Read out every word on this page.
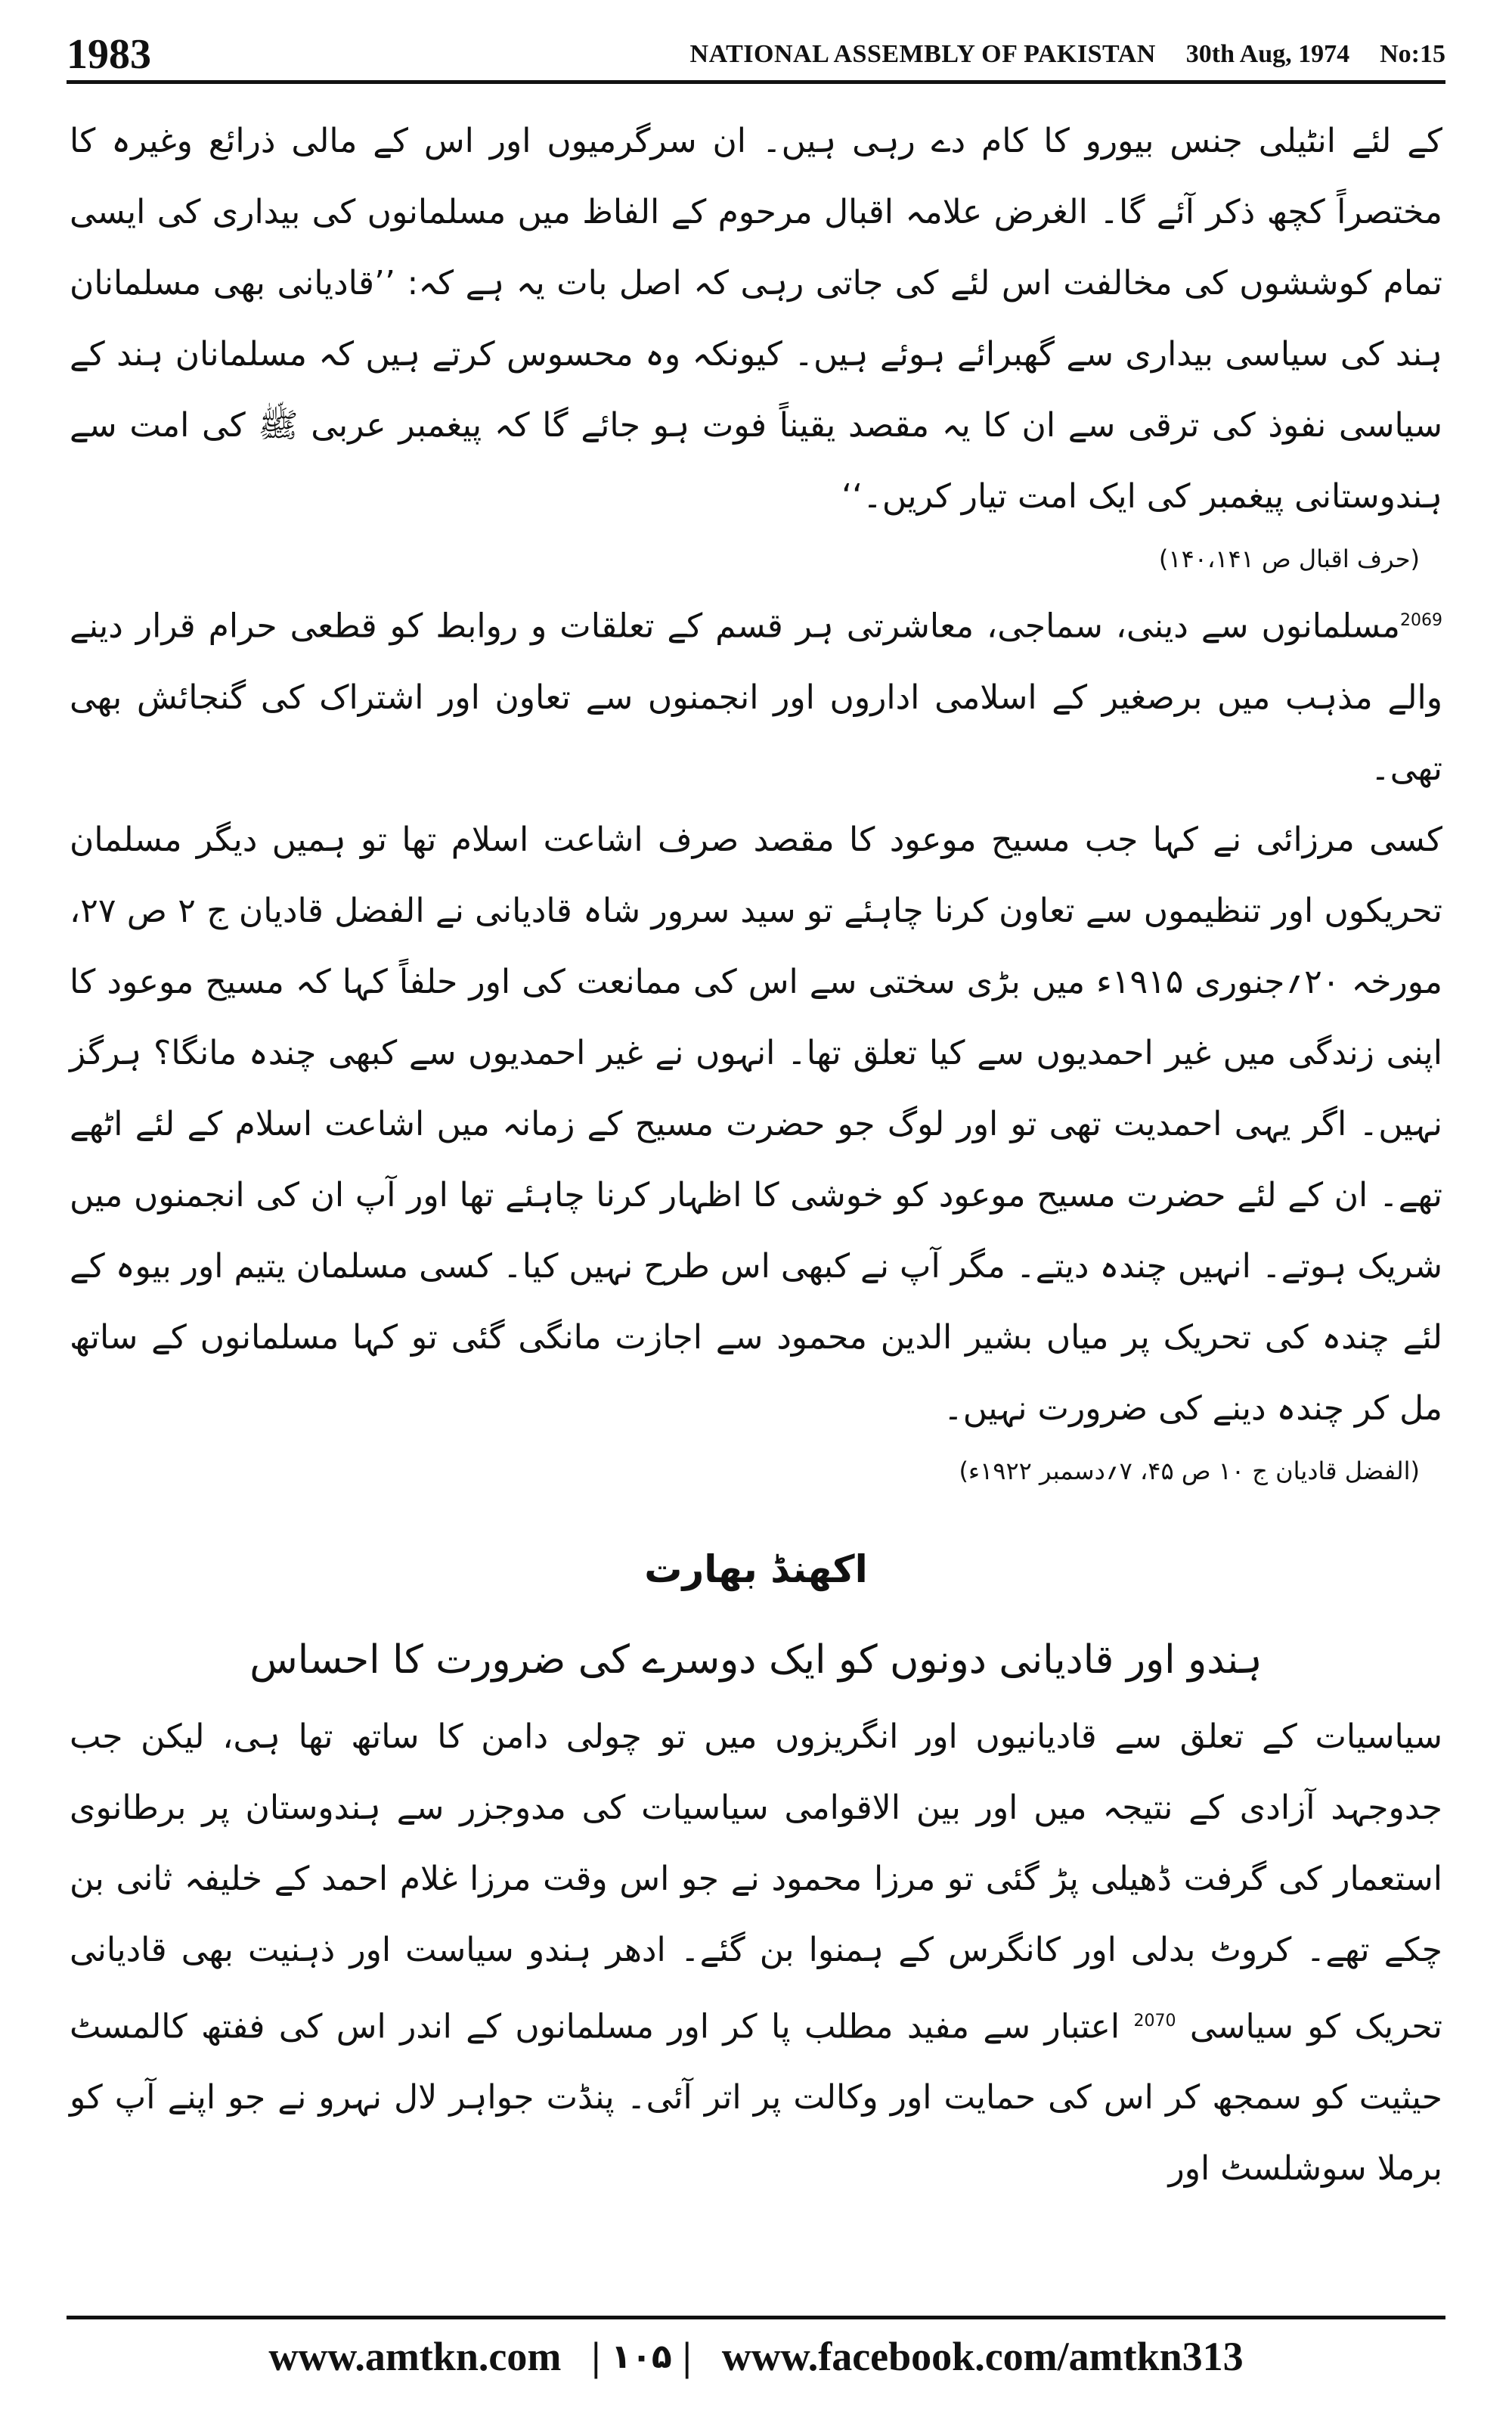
1983	NATIONAL ASSEMBLY OF PAKISTAN 30th Aug, 1974 No:15

کے لئے انٹیلی جنس بیورو کا کام دے رہی ہیں۔ ان سرگرمیوں اور اس کے مالی ذرائع وغیرہ کا مختصراً کچھ ذکر آئے گا۔ الغرض علامہ اقبال مرحوم کے الفاظ میں مسلمانوں کی بیداری کی ایسی تمام کوششوں کی مخالفت اس لئے کی جاتی رہی کہ اصل بات یہ ہے کہ: ’’قادیانی بھی مسلمانان ہند کی سیاسی بیداری سے گھبرائے ہوئے ہیں۔ کیونکہ وہ محسوس کرتے ہیں کہ مسلمانان ہند کے سیاسی نفوذ کی ترقی سے ان کا یہ مقصد یقیناً فوت ہو جائے گا کہ پیغمبر عربی ﷺ کی امت سے ہندوستانی پیغمبر کی ایک امت تیار کریں۔‘‘

(حرف اقبال ص ۱۴۰،۱۴۱)

$^{2069}$مسلمانوں سے دینی، سماجی، معاشرتی ہر قسم کے تعلقات و روابط کو قطعی حرام قرار دینے والے مذہب میں برصغیر کے اسلامی اداروں اور انجمنوں سے تعاون اور اشتراک کی گنجائش بھی تھی۔

کسی مرزائی نے کہا جب مسیح موعود کا مقصد صرف اشاعت اسلام تھا تو ہمیں دیگر مسلمان تحریکوں اور تنظیموں سے تعاون کرنا چاہئے تو سید سرور شاہ قادیانی نے الفضل قادیان ج ۲ ص ۲۷، مورخہ ۲۰؍جنوری ۱۹۱۵ء میں بڑی سختی سے اس کی ممانعت کی اور حلفاً کہا کہ مسیح موعود کا اپنی زندگی میں غیر احمدیوں سے کیا تعلق تھا۔ انہوں نے غیر احمدیوں سے کبھی چندہ مانگا؟ ہرگز نہیں۔ اگر یہی احمدیت تھی تو اور لوگ جو حضرت مسیح کے زمانہ میں اشاعت اسلام کے لئے اٹھے تھے۔ ان کے لئے حضرت مسیح موعود کو خوشی کا اظہار کرنا چاہئے تھا اور آپ ان کی انجمنوں میں شریک ہوتے۔ انہیں چندہ دیتے۔ مگر آپ نے کبھی اس طرح نہیں کیا۔ کسی مسلمان یتیم اور بیوہ کے لئے چندہ کی تحریک پر میاں بشیر الدین محمود سے اجازت مانگی گئی تو کہا مسلمانوں کے ساتھ مل کر چندہ دینے کی ضرورت نہیں۔

(الفضل قادیان ج ۱۰ ص ۴۵، ۷؍دسمبر ۱۹۲۲ء)
اکھنڈ بھارت
ہندو اور قادیانی دونوں کو ایک دوسرے کی ضرورت کا احساس

سیاسیات کے تعلق سے قادیانیوں اور انگریزوں میں تو چولی دامن کا ساتھ تھا ہی، لیکن جب جدوجہد آزادی کے نتیجہ میں اور بین الاقوامی سیاسیات کی مدوجزر سے ہندوستان پر برطانوی استعمار کی گرفت ڈھیلی پڑ گئی تو مرزا محمود نے جو اس وقت مرزا غلام احمد کے خلیفہ ثانی بن چکے تھے۔ کروٹ بدلی اور کانگرس کے ہمنوا بن گئے۔ ادھر ہندو سیاست اور ذہنیت بھی قادیانی تحریک کو سیاسی $^{2070}$ اعتبار سے مفید مطلب پا کر اور مسلمانوں کے اندر اس کی ففتھ کالمسٹ حیثیت کو سمجھ کر اس کی حمایت اور وکالت پر اتر آئی۔ پنڈت جواہر لال نہرو نے جو اپنے آپ کو برملا سوشلسٹ اور

www.amtkn.com | ۱۰۵ | www.facebook.com/amtkn313
